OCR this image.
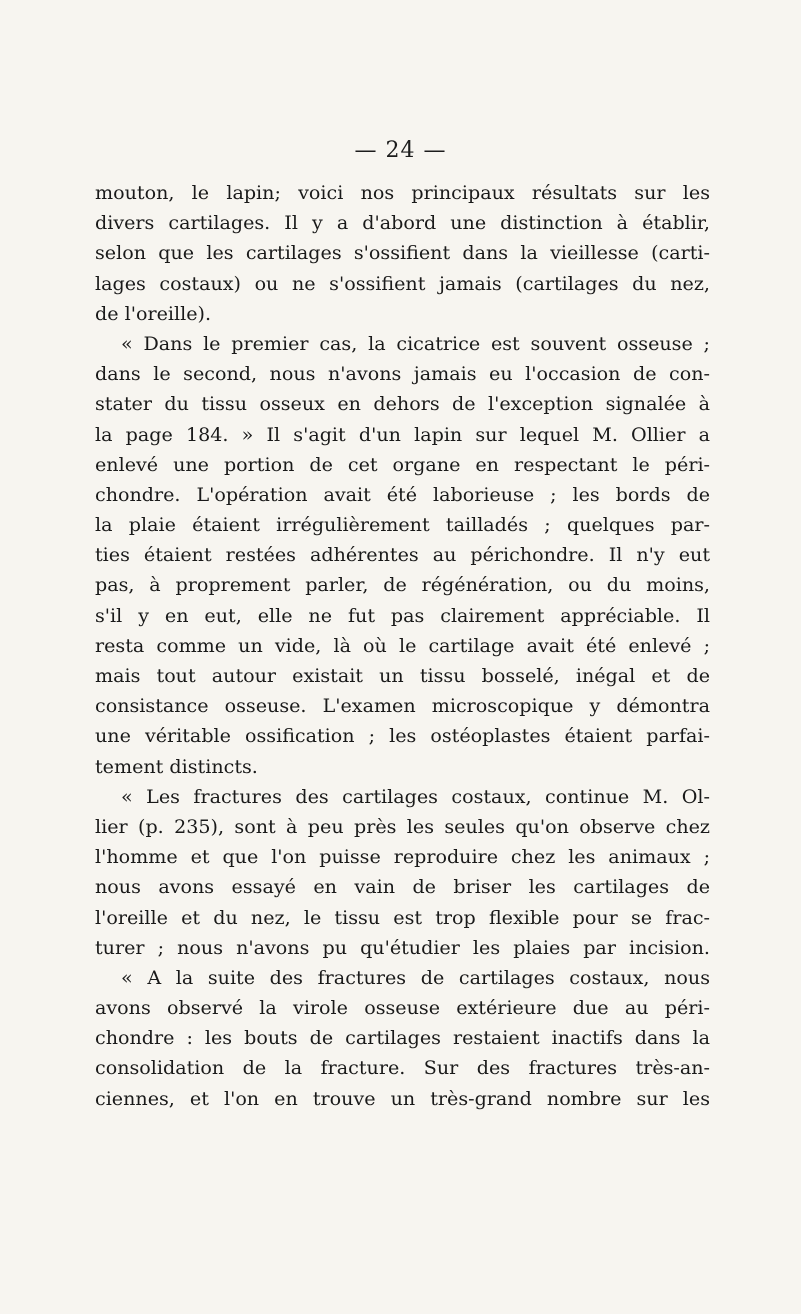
— 24 —
mouton, le lapin; voici nos principaux résultats sur les
divers cartilages. Il y a d'abord une distinction à établir,
selon que les cartilages s'ossifient dans la vieillesse (carti-
lages costaux) ou ne s'ossifient jamais (cartilages du nez,
de l'oreille).
« Dans le premier cas, la cicatrice est souvent osseuse ;
dans le second, nous n'avons jamais eu l'occasion de con-
stater du tissu osseux en dehors de l'exception signalée à
la page 184. » Il s'agit d'un lapin sur lequel M. Ollier a
enlevé une portion de cet organe en respectant le péri-
chondre. L'opération avait été laborieuse ; les bords de
la plaie étaient irrégulièrement tailladés ; quelques par-
ties étaient restées adhérentes au périchondre. Il n'y eut
pas, à proprement parler, de régénération, ou du moins,
s'il y en eut, elle ne fut pas clairement appréciable. Il
resta comme un vide, là où le cartilage avait été enlevé ;
mais tout autour existait un tissu bosselé, inégal et de
consistance osseuse. L'examen microscopique y démontra
une véritable ossification ; les ostéoplastes étaient parfai-
tement distincts.
« Les fractures des cartilages costaux, continue M. Ol-
lier (p. 235), sont à peu près les seules qu'on observe chez
l'homme et que l'on puisse reproduire chez les animaux ;
nous avons essayé en vain de briser les cartilages de
l'oreille et du nez, le tissu est trop flexible pour se frac-
turer ; nous n'avons pu qu'étudier les plaies par incision.
« A la suite des fractures de cartilages costaux, nous
avons observé la virole osseuse extérieure due au péri-
chondre : les bouts de cartilages restaient inactifs dans la
consolidation de la fracture. Sur des fractures très-an-
ciennes, et l'on en trouve un très-grand nombre sur les
